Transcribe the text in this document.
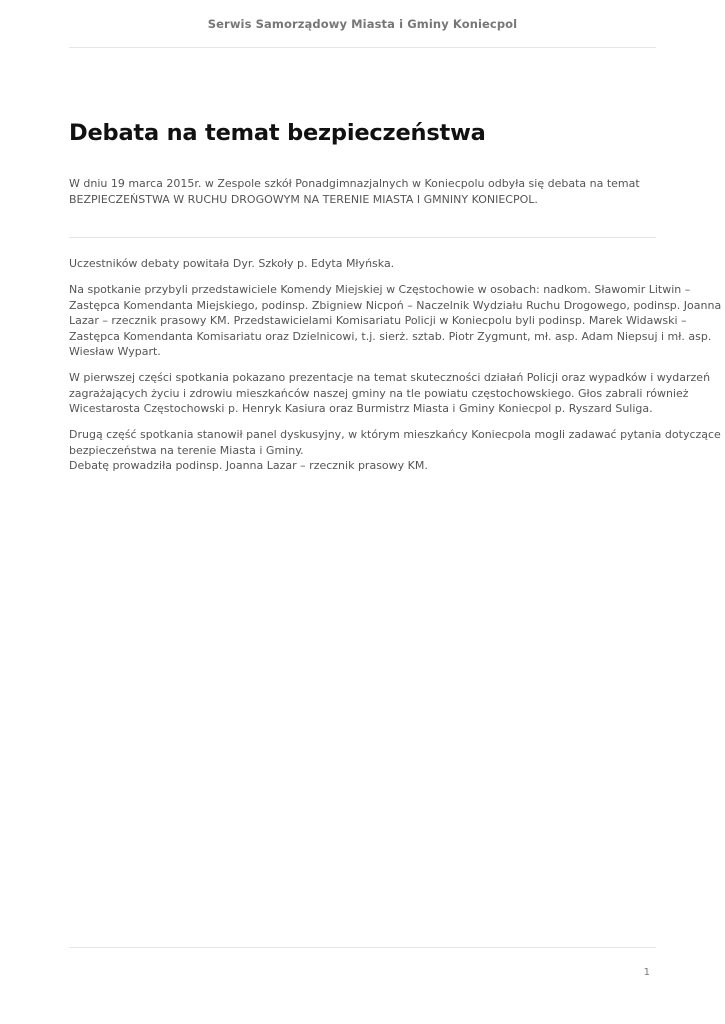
Serwis Samorządowy Miasta i Gminy Koniecpol
Debata na temat bezpieczeństwa

W dniu 19 marca 2015r. w Zespole szkół Ponadgimnazjalnych w Koniecpolu odbyła się debata na temat
BEZPIECZEŃSTWA W RUCHU DROGOWYM NA TERENIE MIASTA I GMNINY KONIECPOL.

Uczestników debaty powitała Dyr. Szkoły p. Edyta Młyńska.

Na spotkanie przybyli przedstawiciele Komendy Miejskiej w Częstochowie w osobach: nadkom. Sławomir Litwin –
Zastępca Komendanta Miejskiego, podinsp. Zbigniew Nicpoń – Naczelnik Wydziału Ruchu Drogowego, podinsp. Joanna
Lazar – rzecznik prasowy KM. Przedstawicielami Komisariatu Policji w Koniecpolu byli podinsp. Marek Widawski –
Zastępca Komendanta Komisariatu oraz Dzielnicowi, t.j. sierż. sztab. Piotr Zygmunt, mł. asp. Adam Niepsuj i mł. asp.
Wiesław Wypart.

W pierwszej części spotkania pokazano prezentacje na temat skuteczności działań Policji oraz wypadków i wydarzeń
zagrażających życiu i zdrowiu mieszkańców naszej gminy na tle powiatu częstochowskiego. Głos zabrali również
Wicestarosta Częstochowski p. Henryk Kasiura oraz Burmistrz Miasta i Gminy Koniecpol p. Ryszard Suliga.

Drugą część spotkania stanowił panel dyskusyjny, w którym mieszkańcy Koniecpola mogli zadawać pytania dotyczące
bezpieczeństwa na terenie Miasta i Gminy.
Debatę prowadziła podinsp. Joanna Lazar – rzecznik prasowy KM.

1
